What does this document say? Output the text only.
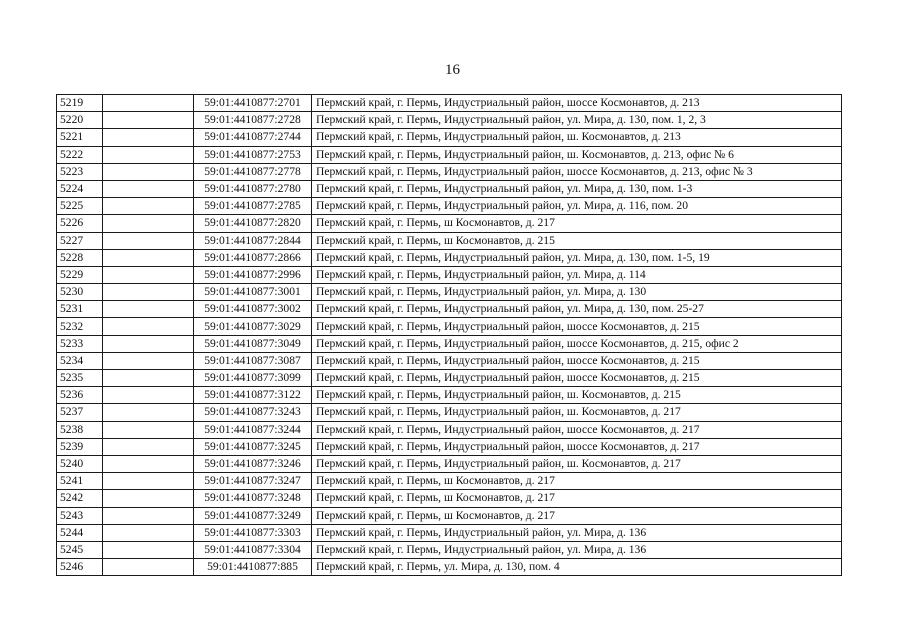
16
5219		59:01:4410877:2701	Пермский край, г. Пермь, Индустриальный район, шоссе Космонавтов, д. 213
5220		59:01:4410877:2728	Пермский край, г. Пермь, Индустриальный район, ул. Мира, д. 130, пом. 1, 2, 3
5221		59:01:4410877:2744	Пермский край, г. Пермь, Индустриальный район, ш. Космонавтов, д. 213
5222		59:01:4410877:2753	Пермский край, г. Пермь, Индустриальный район, ш. Космонавтов, д. 213, офис № 6
5223		59:01:4410877:2778	Пермский край, г. Пермь, Индустриальный район, шоссе Космонавтов, д. 213, офис № 3
5224		59:01:4410877:2780	Пермский край, г. Пермь, Индустриальный район, ул. Мира, д. 130, пом. 1-3
5225		59:01:4410877:2785	Пермский край, г. Пермь, Индустриальный район, ул. Мира, д. 116, пом. 20
5226		59:01:4410877:2820	Пермский край, г. Пермь, ш Космонавтов, д. 217
5227		59:01:4410877:2844	Пермский край, г. Пермь, ш Космонавтов, д. 215
5228		59:01:4410877:2866	Пермский край, г. Пермь, Индустриальный район, ул. Мира, д. 130, пом. 1-5, 19
5229		59:01:4410877:2996	Пермский край, г. Пермь, Индустриальный район, ул. Мира, д. 114
5230		59:01:4410877:3001	Пермский край, г. Пермь, Индустриальный район, ул. Мира, д. 130
5231		59:01:4410877:3002	Пермский край, г. Пермь, Индустриальный район, ул. Мира, д. 130, пом. 25-27
5232		59:01:4410877:3029	Пермский край, г. Пермь, Индустриальный район, шоссе Космонавтов, д. 215
5233		59:01:4410877:3049	Пермский край, г. Пермь, Индустриальный район, шоссе Космонавтов, д. 215, офис 2
5234		59:01:4410877:3087	Пермский край, г. Пермь, Индустриальный район, шоссе Космонавтов, д. 215
5235		59:01:4410877:3099	Пермский край, г. Пермь, Индустриальный район, шоссе Космонавтов, д. 215
5236		59:01:4410877:3122	Пермский край, г. Пермь, Индустриальный район, ш. Космонавтов, д. 215
5237		59:01:4410877:3243	Пермский край, г. Пермь, Индустриальный район, ш. Космонавтов, д. 217
5238		59:01:4410877:3244	Пермский край, г. Пермь, Индустриальный район, шоссе Космонавтов, д. 217
5239		59:01:4410877:3245	Пермский край, г. Пермь, Индустриальный район, шоссе Космонавтов, д. 217
5240		59:01:4410877:3246	Пермский край, г. Пермь, Индустриальный район, ш. Космонавтов, д. 217
5241		59:01:4410877:3247	Пермский край, г. Пермь, ш Космонавтов, д. 217
5242		59:01:4410877:3248	Пермский край, г. Пермь, ш Космонавтов, д. 217
5243		59:01:4410877:3249	Пермский край, г. Пермь, ш Космонавтов, д. 217
5244		59:01:4410877:3303	Пермский край, г. Пермь, Индустриальный район, ул. Мира, д. 136
5245		59:01:4410877:3304	Пермский край, г. Пермь, Индустриальный район, ул. Мира, д. 136
5246		59:01:4410877:885	Пермский край, г. Пермь, ул. Мира, д. 130, пом. 4
